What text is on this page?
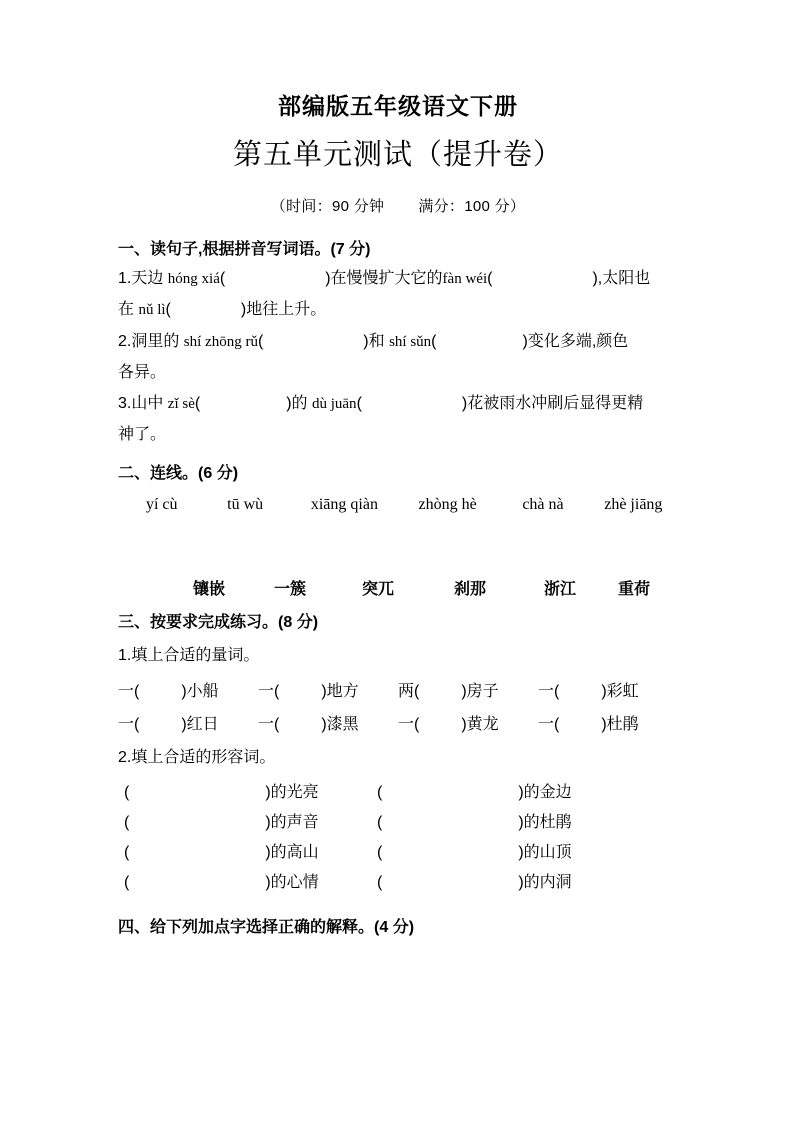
部编版五年级语文下册
第五单元测试（提升卷）
（时间：90 分钟 满分：100 分）
一、读句子,根据拼音写词语。(7 分)
1.天边 hóng xiá(	)在慢慢扩大它的fàn wéi(	),太阳也
在 nǔ lì(	)地往上升。
2.洞里的 shí zhōng rǔ(	)和 shí sǔn(	)变化多端,颜色
各异。
3.山中 zǐ sè(	)的 dù juān(	)花被雨水冲刷后显得更精
神了。
二、连线。(6 分)
yí cù	tū wù	xiāng qiàn	zhòng hè	chà nà	zhè jiāng
镶嵌	一簇	突兀	刹那	浙江	重荷
三、按要求完成练习。(8 分)
1.填上合适的量词。
一(	)小船	一(	)地方	两(	)房子	一(	)彩虹
一(	)红日	一(	)漆黑	一(	)黄龙	一(	)杜鹃
2.填上合适的形容词。
(	)的光亮	(	)的金边
(	)的声音	(	)的杜鹃
(	)的高山	(	)的山顶
(	)的心情	(	)的内洞
四、给下列加点字选择正确的解释。(4 分)
